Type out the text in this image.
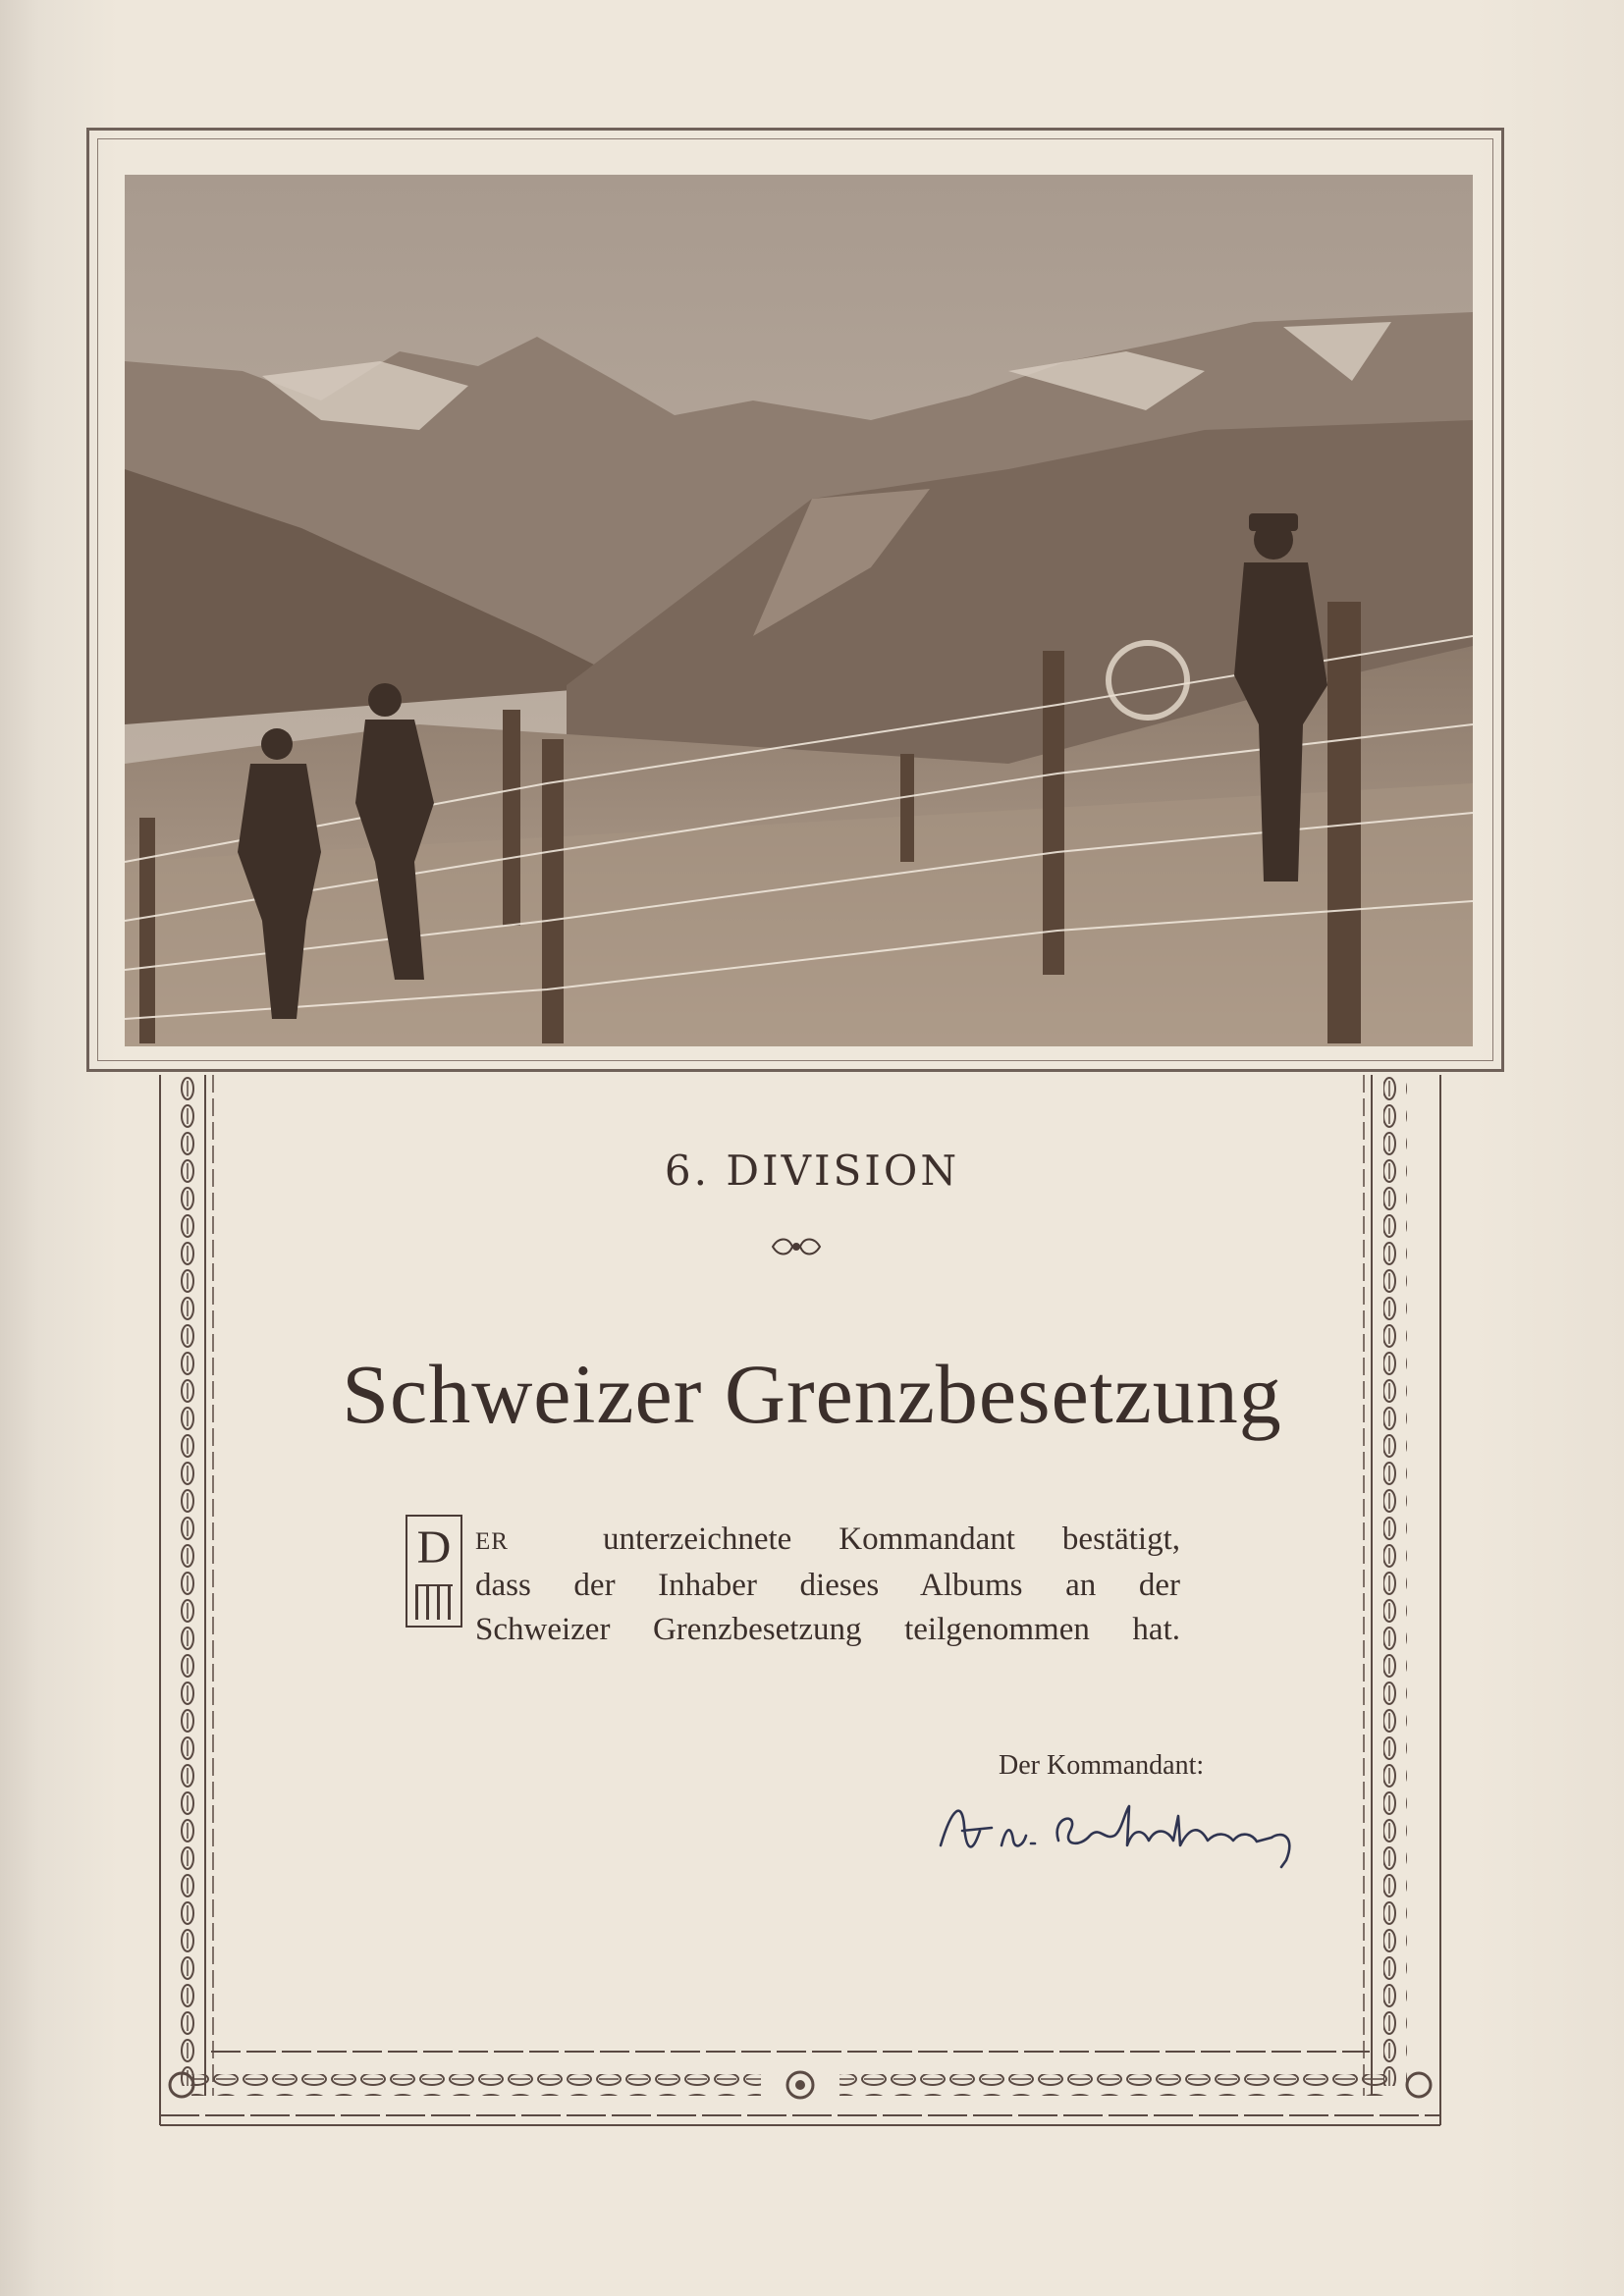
6. DIVISION
Schweizer Grenzbesetzung
D ER	unterzeichnete Kommandant bestätigt,
dass der Inhaber dieses Albums an der
Schweizer Grenzbesetzung teilgenommen hat.
Der Kommandant:
